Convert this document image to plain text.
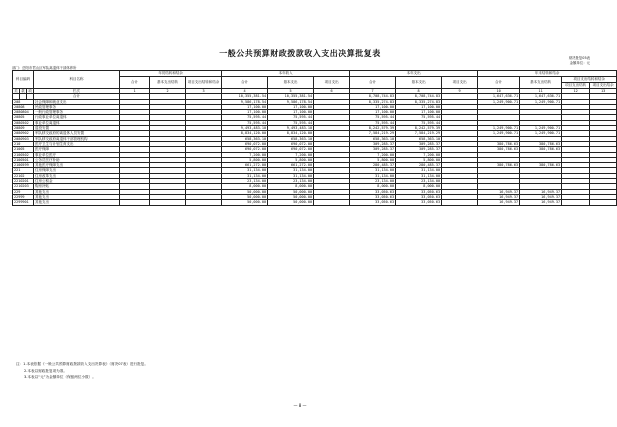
一般公共预算财政拨款收入支出决算批复表	财决批复05表
金额单位：元
部门：岳阳市君山区军队离退休干部休养所
科目编码			科目名称	年初结转和结余			本年收入			本年支出			年末结转和结余			
				合计	基本支出结转	项目支出结转和结余	合计	基本支出	项目支出	合计	基本支出	项目支出	合计	基本支出结转	项目支出结转和结余	
															项目支出结转	项目支出结余
类	款	项	栏次	1	2	3	4	5	6	7	8	9	10	11	12	13
			合计				10,355,381.54	10,355,381.54		8,708,744.83	8,708,744.83		1,647,636.71	1,647,636.71		
208			社会保障和就业支出				9,586,178.54	9,586,178.54		8,335,274.83	8,335,274.83		1,249,900.71	1,249,900.71		
20808			民政管理事务				17,100.00	17,100.00		17,100.00	17,100.00					
2080804			一般行政管理事务				17,100.00	17,100.00		17,100.00	17,100.00					
20805			行政事业单位离退休				75,595.44	75,595.44		75,595.44	75,595.44					
2080502			事业单位离退休				75,595.44	75,595.44		75,595.44	75,595.44					
20809			退役安置				9,493,483.10	9,493,483.10		8,242,579.39	8,242,579.39		1,249,900.71	1,249,900.71		
2080902			军队移交政府的离退休人员安置				8,834,120.00	8,834,120.00		7,584,219.29	7,584,219.29		1,249,900.71	1,249,900.71		
2080903			军队移交政府离退休干部管理机构				658,363.10	658,363.10		658,363.10	658,363.10					
210			医疗卫生与计划生育支出				690,072.00	690,072.00		309,285.37	309,285.37		380,786.63	380,786.63		
21005			医疗保障				690,072.00	690,072.00		309,285.37	309,285.37		380,786.63	380,786.63		
2100502			事业单位医疗				7,200.00	7,200.00		7,200.00	7,200.00					
2100501			公务员医疗补助				5,800.00	5,800.00		5,800.00	5,800.00					
2100599			其他医疗保障支出				661,272.00	661,272.00		280,485.37	280,485.37		380,786.63	380,786.63		
221			住房保障支出				31,134.00	31,134.00		31,134.00	31,134.00					
22102			住房改革支出				31,134.00	31,134.00		31,134.00	31,134.00					
2210201			住房公积金				23,134.00	23,134.00		23,134.00	23,134.00					
2210203			购房补贴				8,000.00	8,000.00		8,000.00	8,000.00					
229			其他支出				50,000.00	50,000.00		33,050.63	33,050.63		16,949.37	16,949.37		
22999			其他支出				50,000.00	50,000.00		33,050.63	33,050.63		16,949.37	16,949.37		
2299901			其他支出				50,000.00	50,000.00		33,050.63	33,050.63		16,949.37	16,949.37		
注：1.本表依据《一般公共预算财政拨款收入支出决算表》（财决07表）进行批复。
2.本表以财政批复项为准。
3.本表以“元”为金额单位（保留两位小数）。
— 8 —
